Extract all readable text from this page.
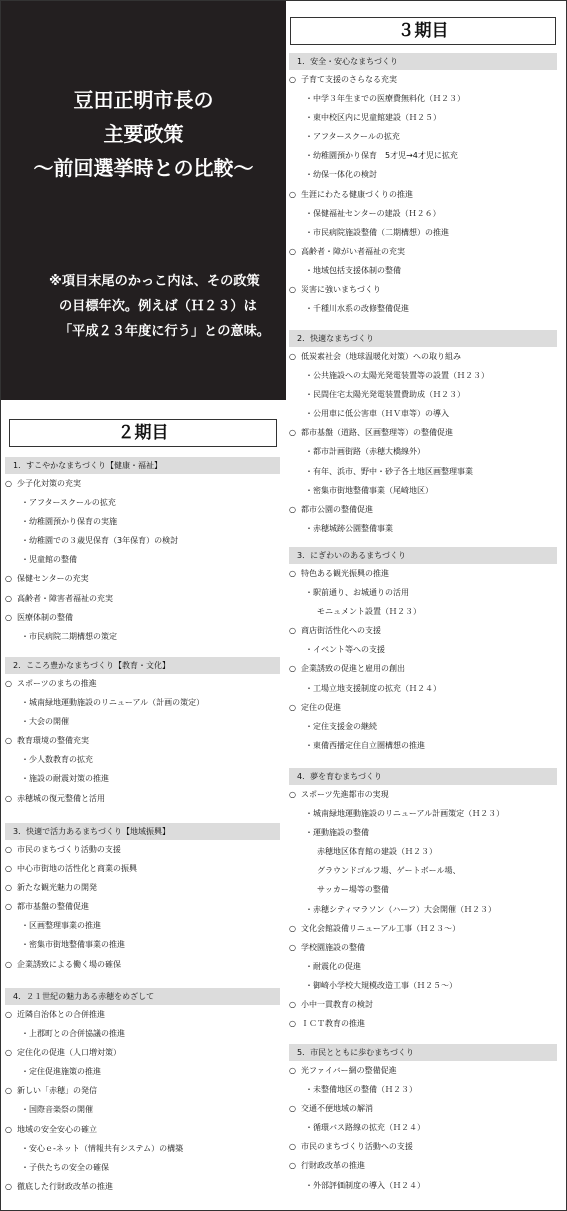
豆田正明市長の
主要政策
〜前回選挙時との比較〜
※項目末尾のかっこ内は、その政策
の目標年次。例えば（Ｈ２３）は
「平成２３年度に行う」との意味。
２期目
1．すこやかなまちづくり【健康・福祉】
○ 少子化対策の充実
・アフタースクールの拡充
・幼稚園預かり保育の実施
・幼稚園での３歳児保育（3年保育）の検討
・児童館の整備
○ 保健センターの充実
○ 高齢者・障害者福祉の充実
○ 医療体制の整備
・市民病院二期構想の策定
2．こころ豊かなまちづくり【教育・文化】
○ スポーツのまちの推進
・城南緑地運動施設のリニューアル（計画の策定）
・大会の開催
○ 教育環境の整備充実
・少人数教育の拡充
・施設の耐震対策の推進
○ 赤穂城の復元整備と活用
3．快適で活力あるまちづくり【地域振興】
○ 市民のまちづくり活動の支援
○ 中心市街地の活性化と商業の振興
○ 新たな観光魅力の開発
○ 都市基盤の整備促進
・区画整理事業の推進
・密集市街地整備事業の推進
○ 企業誘致による働く場の確保
4．２１世紀の魅力ある赤穂をめざして
○ 近隣自治体との合併推進
・上郡町との合併協議の推進
○ 定住化の促進（人口増対策）
・定住促進施策の推進
○ 新しい「赤穂」の発信
・国際音楽祭の開催
○ 地域の安全安心の確立
・安心ｅ-ネット（情報共有システム）の構築
・子供たちの安全の確保
○ 徹底した行財政改革の推進
３期目
1．安全・安心なまちづくり
○ 子育て支援のさらなる充実
・中学３年生までの医療費無料化（Ｈ２３）
・東中校区内に児童館建設（Ｈ２５）
・アフタースクールの拡充
・幼稚園預かり保育　5才児→4才児に拡充
・幼保一体化の検討
○ 生涯にわたる健康づくりの推進
・保健福祉センターの建設（Ｈ２６）
・市民病院施設整備（二期構想）の推進
○ 高齢者・障がい者福祉の充実
・地域包括支援体制の整備
○ 災害に強いまちづくり
・千種川水系の改修整備促進
2．快適なまちづくり
○ 低炭素社会（地球温暖化対策）への取り組み
・公共施設への太陽光発電装置等の設置（Ｈ２３）
・民間住宅太陽光発電装置費助成（Ｈ２３）
・公用車に低公害車（ＨＶ車等）の導入
○ 都市基盤（道路、区画整理等）の整備促進
・都市計画街路（赤穂大橋線外）
・有年、浜市、野中・砂子各土地区画整理事業
・密集市街地整備事業（尾崎地区）
○ 都市公園の整備促進
・赤穂城跡公園整備事業
3．にぎわいのあるまちづくり
○ 特色ある観光振興の推進
・駅前通り、お城通りの活用
モニュメント設置（Ｈ２３）
○ 商店街活性化への支援
・イベント等への支援
○ 企業誘致の促進と雇用の創出
・工場立地支援制度の拡充（Ｈ２４）
○ 定住の促進
・定住支援金の継続
・東備西播定住自立圏構想の推進
4．夢を育むまちづくり
○ スポーツ先進都市の実現
・城南緑地運動施設のリニューアル計画策定（Ｈ２３）
・運動施設の整備
赤穂地区体育館の建設（Ｈ２３）
グラウンドゴルフ場、ゲートボール場、
サッカー場等の整備
・赤穂シティマラソン（ハーフ）大会開催（Ｈ２３）
○ 文化会館設備リニューアル工事（Ｈ２３〜）
○ 学校園施設の整備
・耐震化の促進
・御崎小学校大規模改造工事（Ｈ２５〜）
○ 小中一貫教育の検討
○ ＩＣＴ教育の推進
5．市民とともに歩むまちづくり
○ 光ファイバー網の整備促進
・未整備地区の整備（Ｈ２３）
○ 交通不便地域の解消
・循環バス路線の拡充（Ｈ２４）
○ 市民のまちづくり活動への支援
○ 行財政改革の推進
・外部評価制度の導入（Ｈ２４）
